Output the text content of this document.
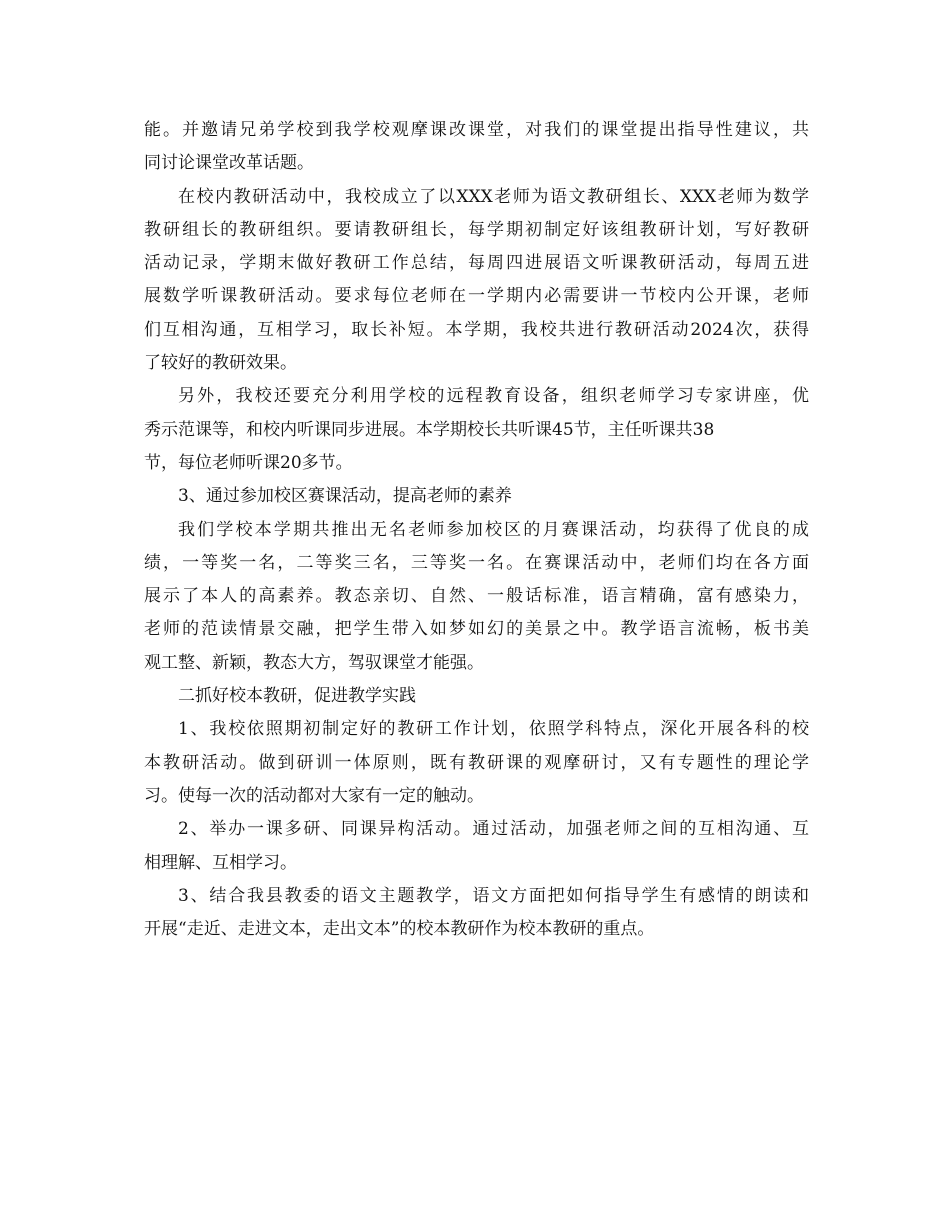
能。并邀请兄弟学校到我学校观摩课改课堂，对我们的课堂提出指导性建议，共
同讨论课堂改革话题。

在校内教研活动中，我校成立了以XXX老师为语文教研组长、XXX老师为数学
教研组长的教研组织。要请教研组长，每学期初制定好该组教研计划，写好教研
活动记录，学期末做好教研工作总结，每周四进展语文听课教研活动，每周五进
展数学听课教研活动。要求每位老师在一学期内必需要讲一节校内公开课，老师
们互相沟通，互相学习，取长补短。本学期，我校共进行教研活动2024次，获得
了较好的教研效果。

另外，我校还要充分利用学校的远程教育设备，组织老师学习专家讲座，优
秀示范课等，和校内听课同步进展。本学期校长共听课45节，主任听课共38
节，每位老师听课20多节。

3、通过参加校区赛课活动，提高老师的素养

我们学校本学期共推出无名老师参加校区的月赛课活动，均获得了优良的成
绩，一等奖一名，二等奖三名，三等奖一名。在赛课活动中，老师们均在各方面
展示了本人的高素养。教态亲切、自然、一般话标准，语言精确，富有感染力，
老师的范读情景交融，把学生带入如梦如幻的美景之中。教学语言流畅，板书美
观工整、新颖，教态大方，驾驭课堂才能强。

二抓好校本教研，促进教学实践

1、我校依照期初制定好的教研工作计划，依照学科特点，深化开展各科的校
本教研活动。做到研训一体原则，既有教研课的观摩研讨，又有专题性的理论学
习。使每一次的活动都对大家有一定的触动。

2、举办一课多研、同课异构活动。通过活动，加强老师之间的互相沟通、互
相理解、互相学习。

3、结合我县教委的语文主题教学，语文方面把如何指导学生有感情的朗读和
开展“走近、走进文本，走出文本”的校本教研作为校本教研的重点。
